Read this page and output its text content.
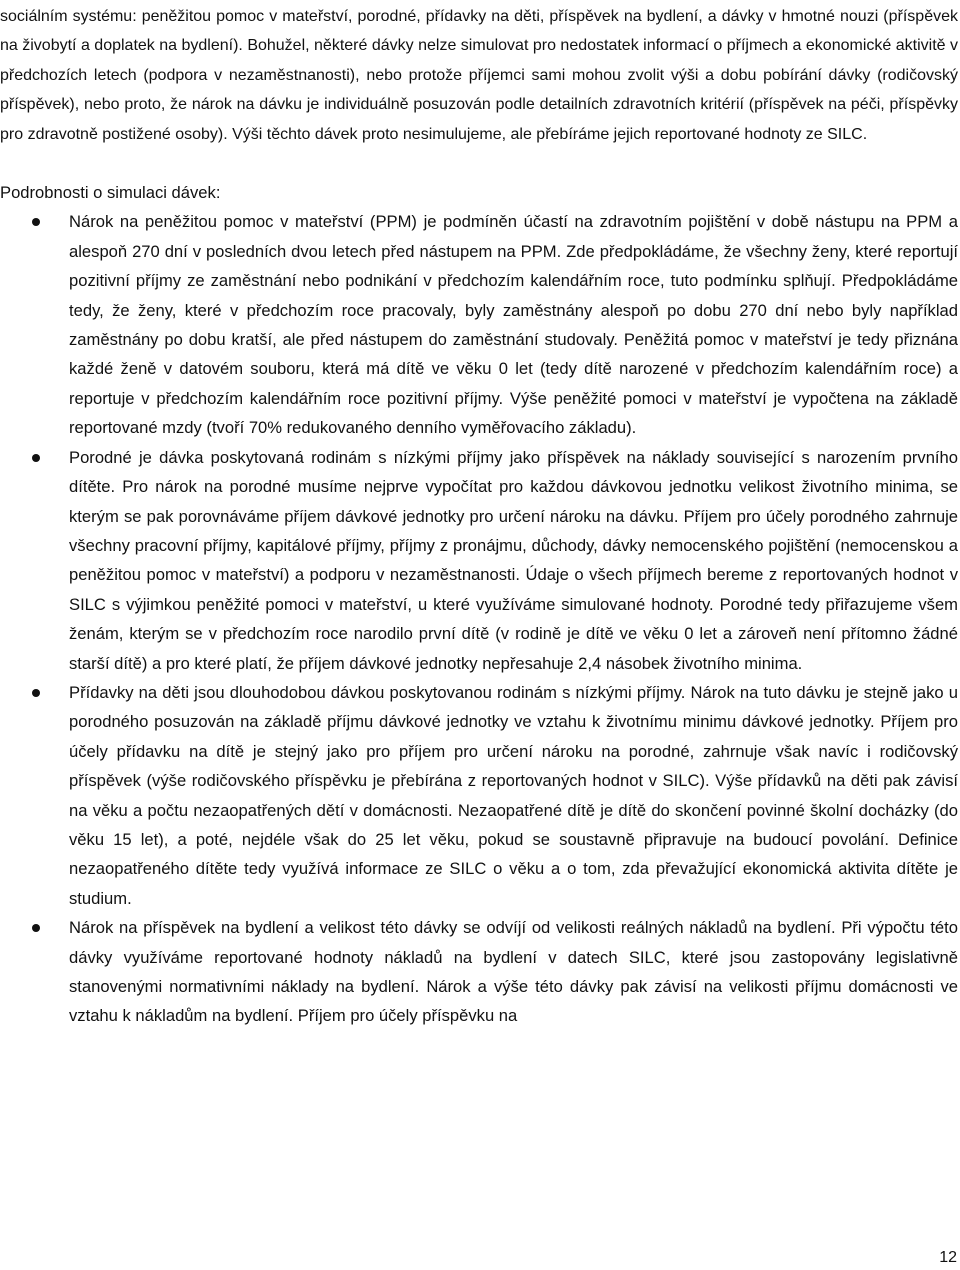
sociálním systému: peněžitou pomoc v mateřství, porodné, přídavky na děti, příspěvek na bydlení, a dávky v hmotné nouzi (příspěvek na živobytí a doplatek na bydlení). Bohužel, některé dávky nelze simulovat pro nedostatek informací o příjmech a ekonomické aktivitě v předchozích letech (podpora v nezaměstnanosti), nebo protože příjemci sami mohou zvolit výši a dobu pobírání dávky (rodičovský příspěvek), nebo proto, že nárok na dávku je individuálně posuzován podle detailních zdravotních kritérií (příspěvek na péči, příspěvky pro zdravotně postižené osoby). Výši těchto dávek proto nesimulujeme, ale přebíráme jejich reportované hodnoty ze SILC.

Podrobnosti o simulaci dávek:

Nárok na peněžitou pomoc v mateřství (PPM) je podmíněn účastí na zdravotním pojištění v době nástupu na PPM a alespoň 270 dní v posledních dvou letech před nástupem na PPM. Zde předpokládáme, že všechny ženy, které reportují pozitivní příjmy ze zaměstnání nebo podnikání v předchozím kalendářním roce, tuto podmínku splňují. Předpokládáme tedy, že ženy, které v předchozím roce pracovaly, byly zaměstnány alespoň po dobu 270 dní nebo byly například zaměstnány po dobu kratší, ale před nástupem do zaměstnání studovaly. Peněžitá pomoc v mateřství je tedy přiznána každé ženě v datovém souboru, která má dítě ve věku 0 let (tedy dítě narozené v předchozím kalendářním roce) a reportuje v předchozím kalendářním roce pozitivní příjmy. Výše peněžité pomoci v mateřství je vypočtena na základě reportované mzdy (tvoří 70% redukovaného denního vyměřovacího základu).
Porodné je dávka poskytovaná rodinám s nízkými příjmy jako příspěvek na náklady související s narozením prvního dítěte. Pro nárok na porodné musíme nejprve vypočítat pro každou dávkovou jednotku velikost životního minima, se kterým se pak porovnáváme příjem dávkové jednotky pro určení nároku na dávku. Příjem pro účely porodného zahrnuje všechny pracovní příjmy, kapitálové příjmy, příjmy z pronájmu, důchody, dávky nemocenského pojištění (nemocenskou a peněžitou pomoc v mateřství) a podporu v nezaměstnanosti. Údaje o všech příjmech bereme z reportovaných hodnot v SILC s výjimkou peněžité pomoci v mateřství, u které využíváme simulované hodnoty. Porodné tedy přiřazujeme všem ženám, kterým se v předchozím roce narodilo první dítě (v rodině je dítě ve věku 0 let a zároveň není přítomno žádné starší dítě) a pro které platí, že příjem dávkové jednotky nepřesahuje 2,4 násobek životního minima.
Přídavky na děti jsou dlouhodobou dávkou poskytovanou rodinám s nízkými příjmy. Nárok na tuto dávku je stejně jako u porodného posuzován na základě příjmu dávkové jednotky ve vztahu k životnímu minimu dávkové jednotky. Příjem pro účely přídavku na dítě je stejný jako pro příjem pro určení nároku na porodné, zahrnuje však navíc i rodičovský příspěvek (výše rodičovského příspěvku je přebírána z reportovaných hodnot v SILC). Výše přídavků na děti pak závisí na věku a počtu nezaopatřených dětí v domácnosti. Nezaopatřené dítě je dítě do skončení povinné školní docházky (do věku 15 let), a poté, nejdéle však do 25 let věku, pokud se soustavně připravuje na budoucí povolání. Definice nezaopatřeného dítěte tedy využívá informace ze SILC o věku a o tom, zda převažující ekonomická aktivita dítěte je studium.
Nárok na příspěvek na bydlení a velikost této dávky se odvíjí od velikosti reálných nákladů na bydlení. Při výpočtu této dávky využíváme reportované hodnoty nákladů na bydlení v datech SILC, které jsou zastopovány legislativně stanovenými normativními náklady na bydlení. Nárok a výše této dávky pak závisí na velikosti příjmu domácnosti ve vztahu k nákladům na bydlení. Příjem pro účely příspěvku na
12
